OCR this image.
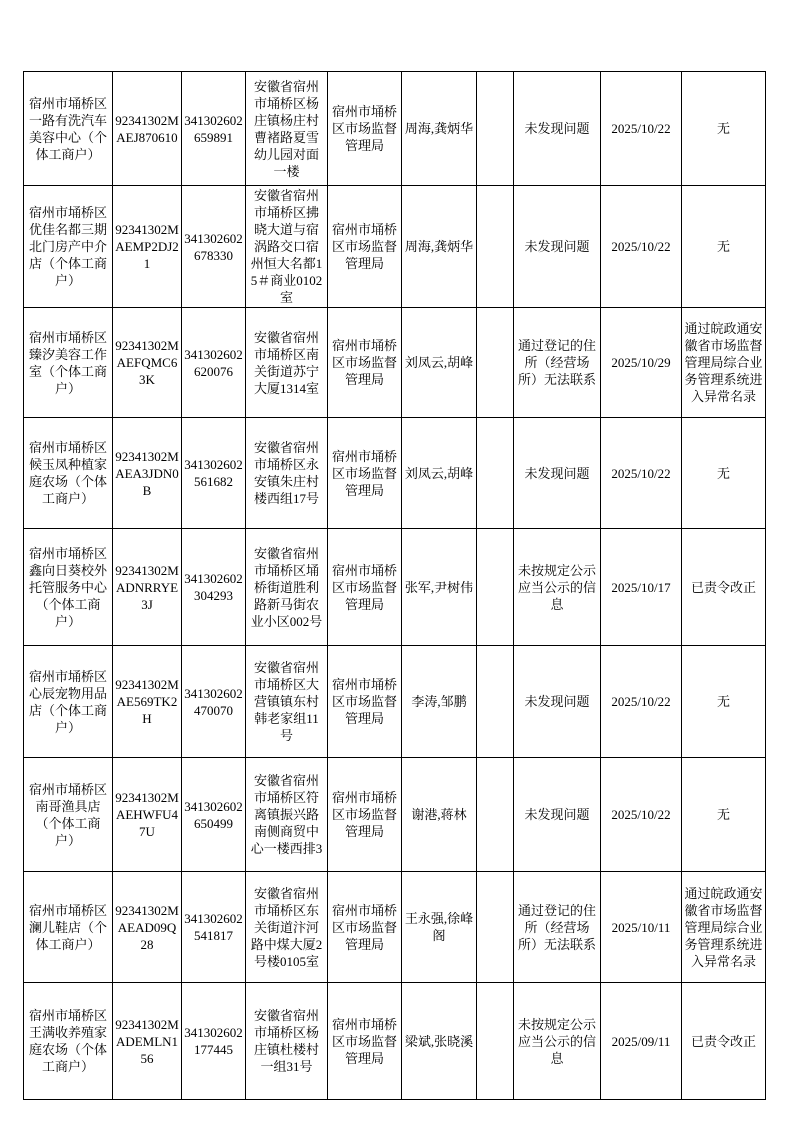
宿州市埇桥区一路有洗汽车美容中心（个体工商户）	92341302MAEJ870610	341302602659891	安徽省宿州市埇桥区杨庄镇杨庄村曹褚路夏雪幼儿园对面一楼	宿州市埇桥区市场监督管理局	周海,龚炳华		未发现问题	2025/10/22	无
宿州市埇桥区优佳名都三期北门房产中介店（个体工商户）	92341302MAEMP2DJ21	341302602678330	安徽省宿州市埇桥区拂晓大道与宿涡路交口宿州恒大名都15＃商业0102室	宿州市埇桥区市场监督管理局	周海,龚炳华		未发现问题	2025/10/22	无
宿州市埇桥区臻汐美容工作室（个体工商户）	92341302MAEFQMC63K	341302602620076	安徽省宿州市埇桥区南关街道苏宁大厦1314室	宿州市埇桥区市场监督管理局	刘凤云,胡峰		通过登记的住所（经营场所）无法联系	2025/10/29	通过皖政通安徽省市场监督管理局综合业务管理系统进入异常名录
宿州市埇桥区候玉凤种植家庭农场（个体工商户）	92341302MAEA3JDN0B	341302602561682	安徽省宿州市埇桥区永安镇朱庄村楼西组17号	宿州市埇桥区市场监督管理局	刘凤云,胡峰		未发现问题	2025/10/22	无
宿州市埇桥区鑫向日葵校外托管服务中心（个体工商户）	92341302MADNRRYE3J	341302602304293	安徽省宿州市埇桥区埇桥街道胜利路新马街农业小区002号	宿州市埇桥区市场监督管理局	张军,尹树伟		未按规定公示应当公示的信息	2025/10/17	已责令改正
宿州市埇桥区心辰宠物用品店（个体工商户）	92341302MAE569TK2H	341302602470070	安徽省宿州市埇桥区大营镇镇东村韩老家组11号	宿州市埇桥区市场监督管理局	李涛,邹鹏		未发现问题	2025/10/22	无
宿州市埇桥区南哥渔具店（个体工商户）	92341302MAEHWFU47U	341302602650499	安徽省宿州市埇桥区符离镇振兴路南侧商贸中心一楼西排3	宿州市埇桥区市场监督管理局	谢港,蒋林		未发现问题	2025/10/22	无
宿州市埇桥区澜儿鞋店（个体工商户）	92341302MAEAD09Q28	341302602541817	安徽省宿州市埇桥区东关街道汴河路中煤大厦2号楼0105室	宿州市埇桥区市场监督管理局	王永强,徐峰阁		通过登记的住所（经营场所）无法联系	2025/10/11	通过皖政通安徽省市场监督管理局综合业务管理系统进入异常名录
宿州市埇桥区王满收养殖家庭农场（个体工商户）	92341302MADEMLN156	341302602177445	安徽省宿州市埇桥区杨庄镇杜楼村一组31号	宿州市埇桥区市场监督管理局	梁斌,张晓溪		未按规定公示应当公示的信息	2025/09/11	已责令改正
